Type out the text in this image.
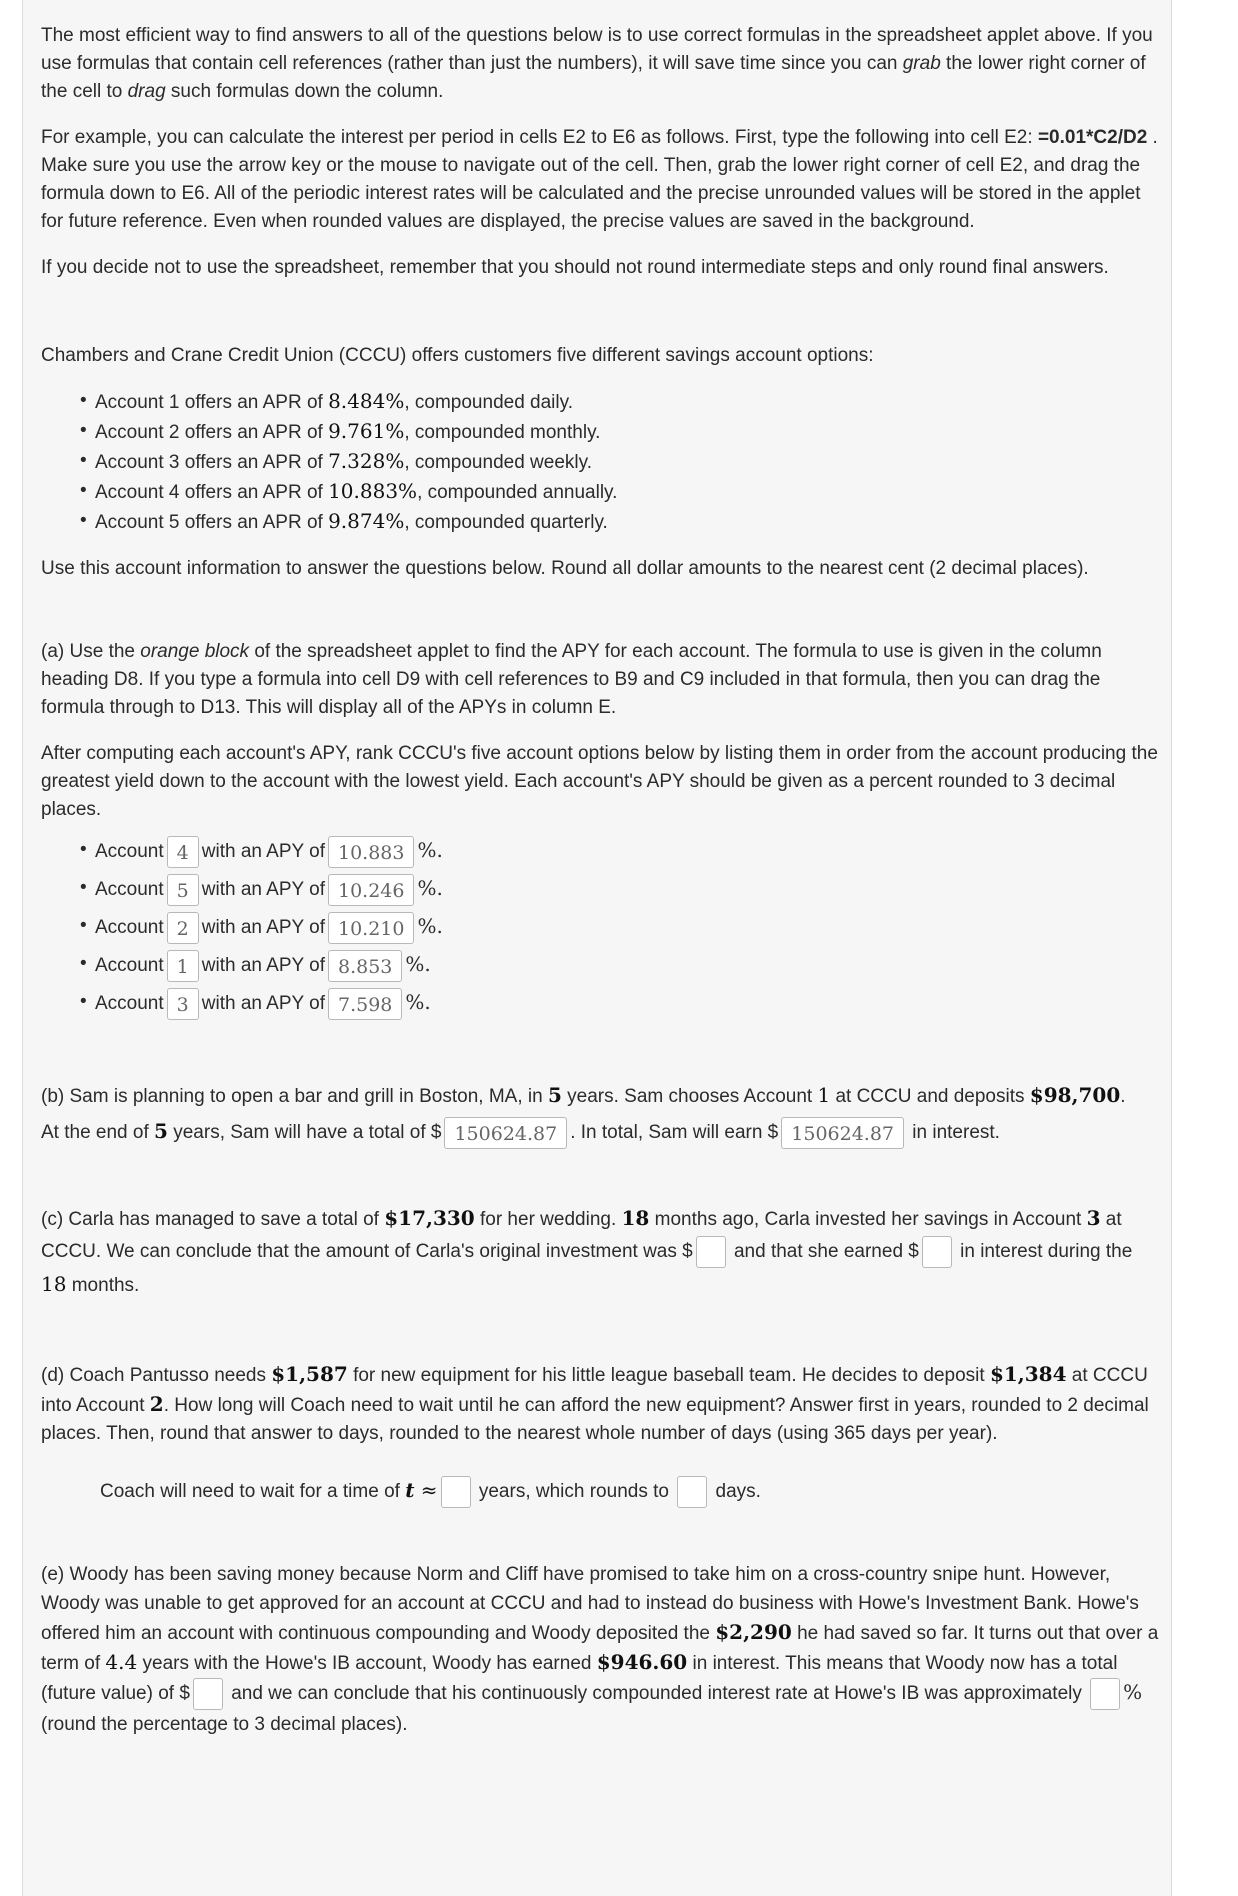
The most efficient way to find answers to all of the questions below is to use correct formulas in the spreadsheet applet above. If you use formulas that contain cell references (rather than just the numbers), it will save time since you can grab the lower right corner of the cell to drag such formulas down the column.

For example, you can calculate the interest per period in cells E2 to E6 as follows. First, type the following into cell E2: =0.01*C2/D2 . Make sure you use the arrow key or the mouse to navigate out of the cell. Then, grab the lower right corner of cell E2, and drag the formula down to E6. All of the periodic interest rates will be calculated and the precise unrounded values will be stored in the applet for future reference. Even when rounded values are displayed, the precise values are saved in the background.

If you decide not to use the spreadsheet, remember that you should not round intermediate steps and only round final answers.

Chambers and Crane Credit Union (CCCU) offers customers five different savings account options:

• Account 1 offers an APR of 8.484%, compounded daily.
• Account 2 offers an APR of 9.761%, compounded monthly.
• Account 3 offers an APR of 7.328%, compounded weekly.
• Account 4 offers an APR of 10.883%, compounded annually.
• Account 5 offers an APR of 9.874%, compounded quarterly.

Use this account information to answer the questions below. Round all dollar amounts to the nearest cent (2 decimal places).

(a) Use the orange block of the spreadsheet applet to find the APY for each account. The formula to use is given in the column heading D8. If you type a formula into cell D9 with cell references to B9 and C9 included in that formula, then you can drag the formula through to D13. This will display all of the APYs in column E.

After computing each account's APY, rank CCCU's five account options below by listing them in order from the account producing the greatest yield down to the account with the lowest yield. Each account's APY should be given as a percent rounded to 3 decimal places.

• Account 4 with an APY of 10.883 %.
• Account 5 with an APY of 10.246 %.
• Account 2 with an APY of 10.210 %.
• Account 1 with an APY of 8.853 %.
• Account 3 with an APY of 7.598 %.

(b) Sam is planning to open a bar and grill in Boston, MA, in 5 years. Sam chooses Account 1 at CCCU and deposits $98,700.
At the end of 5 years, Sam will have a total of $ 150624.87 . In total, Sam will earn $ 150624.87 in interest.

(c) Carla has managed to save a total of $17,330 for her wedding. 18 months ago, Carla invested her savings in Account 3 at CCCU. We can conclude that the amount of Carla's original investment was $ and that she earned $ in interest during the 18 months.

(d) Coach Pantusso needs $1,587 for new equipment for his little league baseball team. He decides to deposit $1,384 at CCCU into Account 2. How long will Coach need to wait until he can afford the new equipment? Answer first in years, rounded to 2 decimal places. Then, round that answer to days, rounded to the nearest whole number of days (using 365 days per year).

Coach will need to wait for a time of t ≈ years, which rounds to  days.

(e) Woody has been saving money because Norm and Cliff have promised to take him on a cross-country snipe hunt. However, Woody was unable to get approved for an account at CCCU and had to instead do business with Howe's Investment Bank. Howe's offered him an account with continuous compounding and Woody deposited the $2,290 he had saved so far. It turns out that over a term of 4.4 years with the Howe's IB account, Woody has earned $946.60 in interest. This means that Woody now has a total (future value) of $ and we can conclude that his continuously compounded interest rate at Howe's IB was approximately % (round the percentage to 3 decimal places).
